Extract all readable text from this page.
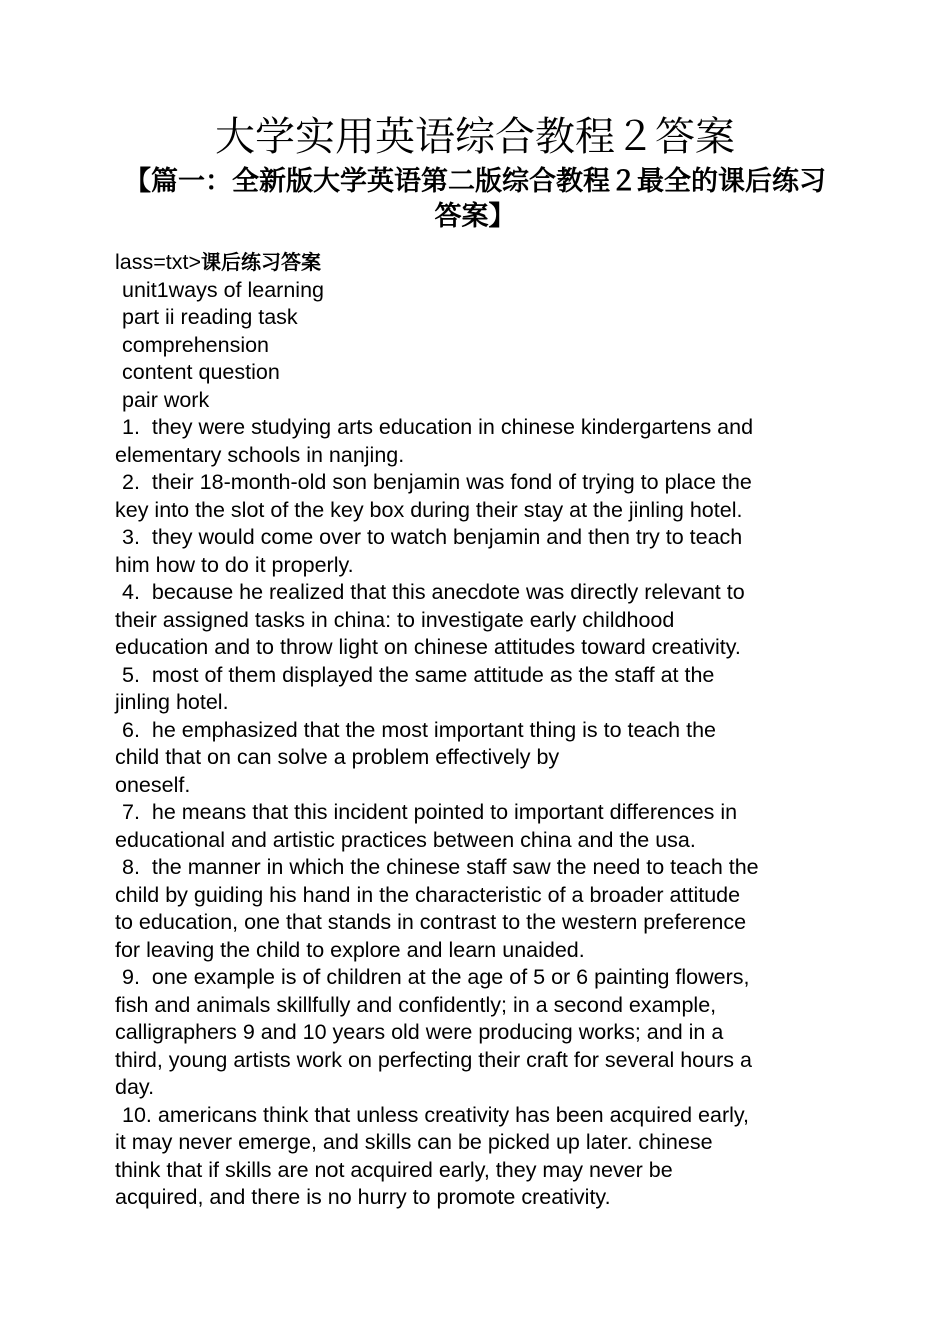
大学实用英语综合教程２答案
【篇一：全新版大学英语第二版综合教程２最全的课后练习答案】
lass=txt>课后练习答案
unit1ways of learning
part ii reading task
comprehension
content question
pair work
1.  they were studying arts education in chinese kindergartens and
elementary schools in nanjing.
2.  their 18-month-old son benjamin was fond of trying to place the
key into the slot of the key box during their stay at the jinling hotel.
3.  they would come over to watch benjamin and then try to teach
him how to do it properly.
4.  because he realized that this anecdote was directly relevant to
their assigned tasks in china: to investigate early childhood
education and to throw light on chinese attitudes toward creativity.
5.  most of them displayed the same attitude as the staff at the
jinling hotel.
6.  he emphasized that the most important thing is to teach the
child that on can solve a problem effectively by
oneself.
7.  he means that this incident pointed to important differences in
educational and artistic practices between china and the usa.
8.  the manner in which the chinese staff saw the need to teach the
child by guiding his hand in the characteristic of a broader attitude
to education, one that stands in contrast to the western preference
for leaving the child to explore and learn unaided.
9.  one example is of children at the age of 5 or 6 painting flowers,
fish and animals skillfully and confidently; in a second example,
calligraphers 9 and 10 years old were producing works; and in a
third, young artists work on perfecting their craft for several hours a
day.
10. americans think that unless creativity has been acquired early,
it may never emerge, and skills can be picked up later. chinese
think that if skills are not acquired early, they may never be
acquired, and there is no hurry to promote creativity.
